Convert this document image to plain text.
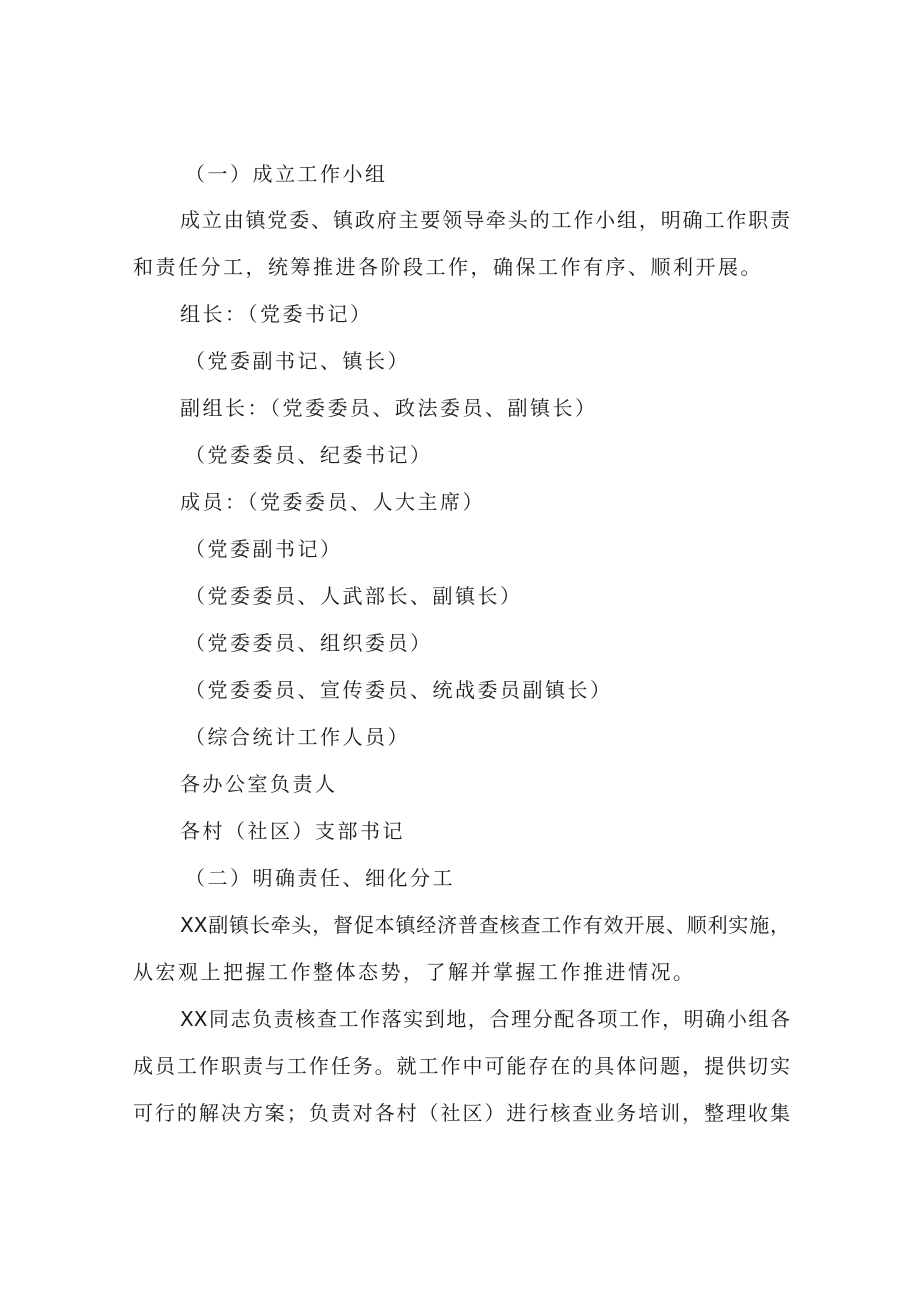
（一）成立工作小组
成立由镇党委、镇政府主要领导牵头的工作小组，明确工作职责
和责任分工，统筹推进各阶段工作，确保工作有序、顺利开展。
组长：（党委书记）
（党委副书记、镇长）
副组长：（党委委员、政法委员、副镇长）
（党委委员、纪委书记）
成员：（党委委员、人大主席）
（党委副书记）
（党委委员、人武部长、副镇长）
（党委委员、组织委员）
（党委委员、宣传委员、统战委员副镇长）
（综合统计工作人员）
各办公室负责人
各村（社区）支部书记
（二）明确责任、细化分工
XX副镇长牵头，督促本镇经济普查核查工作有效开展、顺利实施，
从宏观上把握工作整体态势，了解并掌握工作推进情况。
XX同志负责核查工作落实到地，合理分配各项工作，明确小组各
成员工作职责与工作任务。就工作中可能存在的具体问题，提供切实
可行的解决方案；负责对各村（社区）进行核查业务培训，整理收集
